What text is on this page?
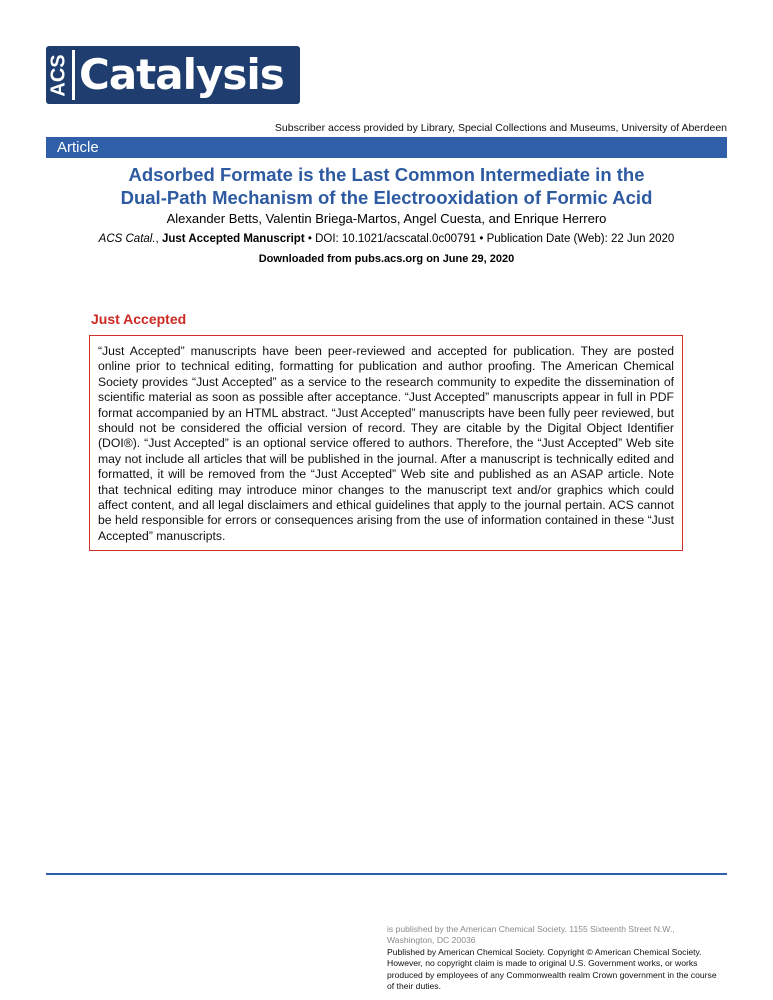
ACS Catalysis
Subscriber access provided by Library, Special Collections and Museums, University of Aberdeen
Article
Adsorbed Formate is the Last Common Intermediate in the
Dual-Path Mechanism of the Electrooxidation of Formic Acid
Alexander Betts, Valentin Briega-Martos, Angel Cuesta, and Enrique Herrero
ACS Catal., Just Accepted Manuscript • DOI: 10.1021/acscatal.0c00791 • Publication Date (Web): 22 Jun 2020
Downloaded from pubs.acs.org on June 29, 2020
Just Accepted

“Just Accepted” manuscripts have been peer-reviewed and accepted for publication. They are posted online prior to technical editing, formatting for publication and author proofing. The American Chemical Society provides “Just Accepted” as a service to the research community to expedite the dissemination of scientific material as soon as possible after acceptance. “Just Accepted” manuscripts appear in full in PDF format accompanied by an HTML abstract. “Just Accepted” manuscripts have been fully peer reviewed, but should not be considered the official version of record. They are citable by the Digital Object Identifier (DOI®). “Just Accepted” is an optional service offered to authors. Therefore, the “Just Accepted” Web site may not include all articles that will be published in the journal. After a manuscript is technically edited and formatted, it will be removed from the “Just Accepted” Web site and published as an ASAP article. Note that technical editing may introduce minor changes to the manuscript text and/or graphics which could affect content, and all legal disclaimers and ethical guidelines that apply to the journal pertain. ACS cannot be held responsible for errors or consequences arising from the use of information contained in these “Just Accepted” manuscripts.

is published by the American Chemical Society. 1155 Sixteenth Street N.W.,
Washington, DC 20036
Published by American Chemical Society. Copyright © American Chemical Society.
However, no copyright claim is made to original U.S. Government works, or works
produced by employees of any Commonwealth realm Crown government in the course
of their duties.
